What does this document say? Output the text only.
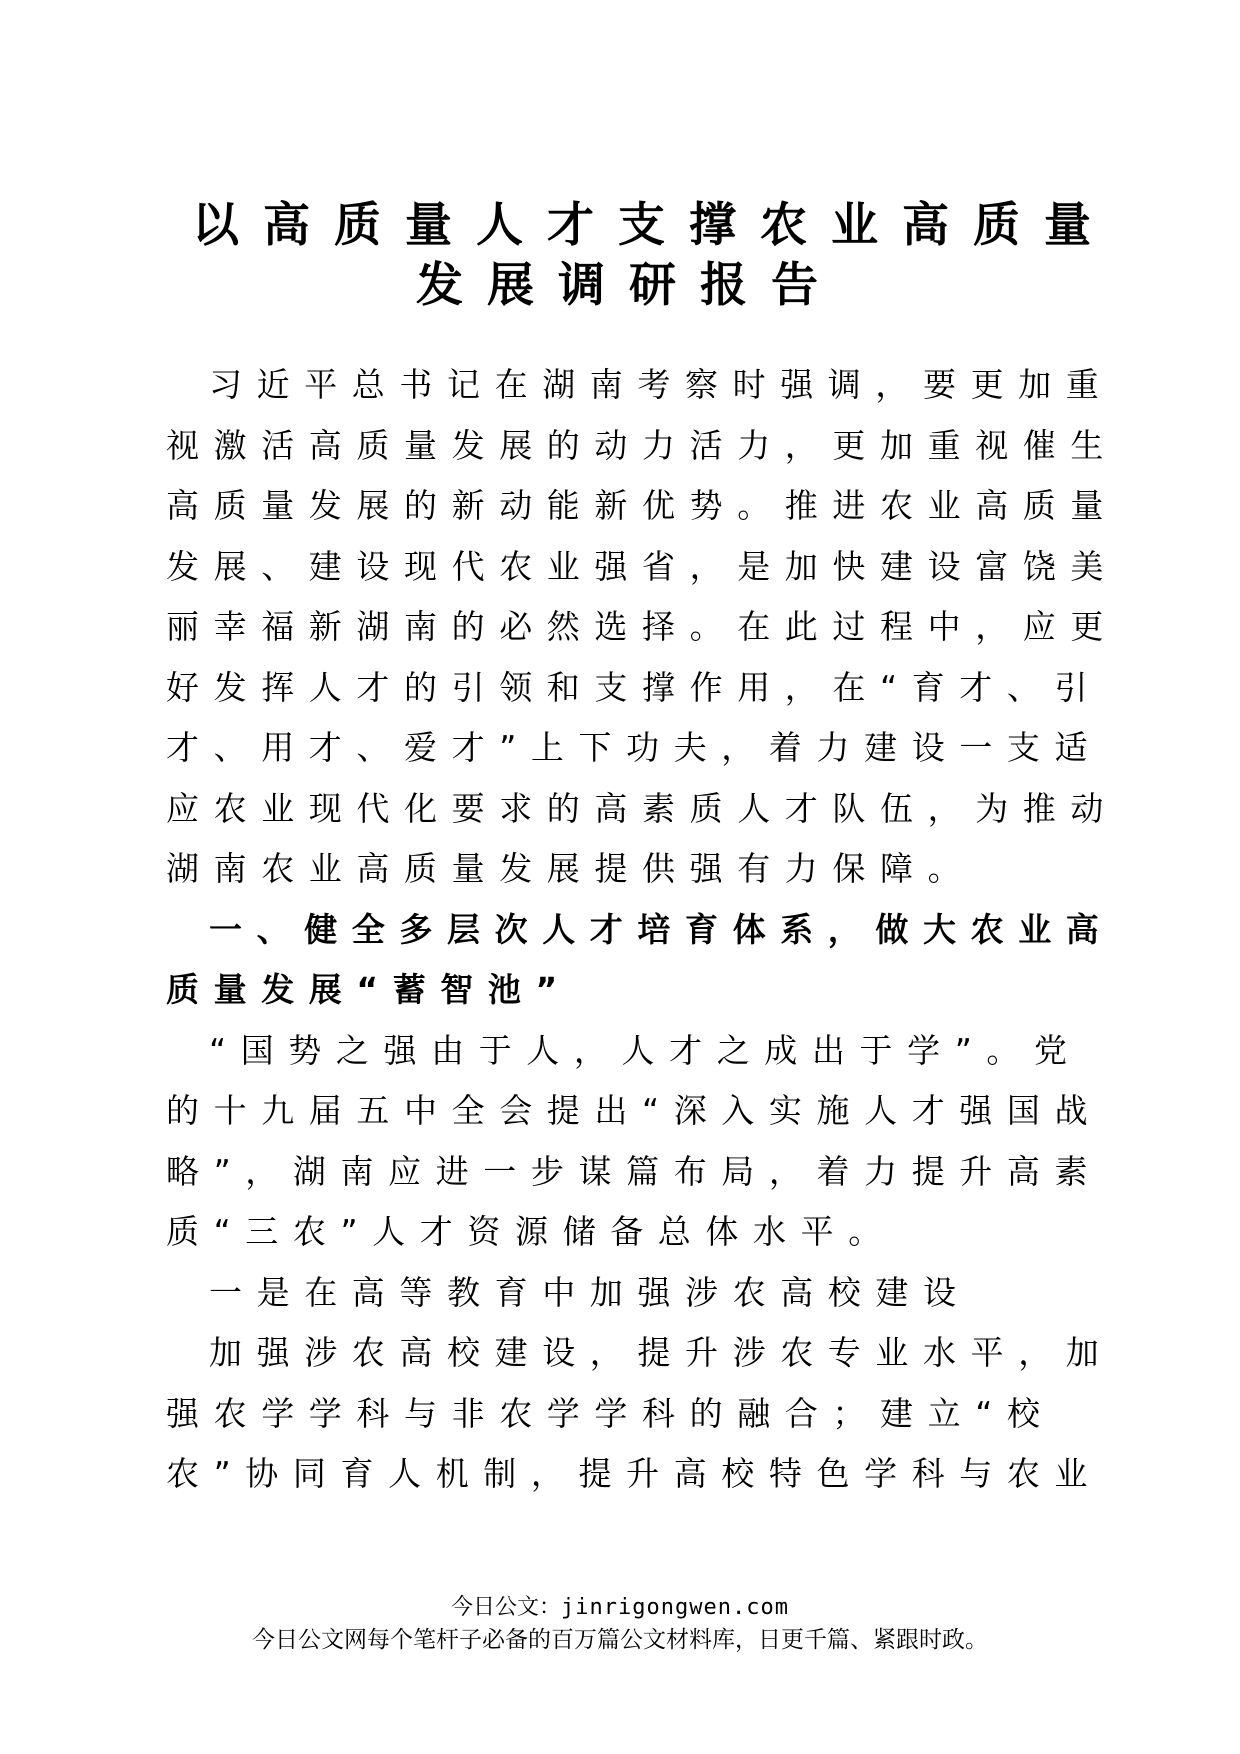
以高质量人才支撑农业高质量
发展调研报告

习近平总书记在湖南考察时强调，要更加重
视激活高质量发展的动力活力，更加重视催生
高质量发展的新动能新优势。推进农业高质量
发展、建设现代农业强省，是加快建设富饶美
丽幸福新湖南的必然选择。在此过程中，应更
好发挥人才的引领和支撑作用，在“育才、引
才、用才、爱才”上下功夫，着力建设一支适
应农业现代化要求的高素质人才队伍，为推动
湖南农业高质量发展提供强有力保障。

一、健全多层次人才培育体系，做大农业高
质量发展“蓄智池”

“国势之强由于人，人才之成出于学”。党
的十九届五中全会提出“深入实施人才强国战
略”，湖南应进一步谋篇布局，着力提升高素
质“三农”人才资源储备总体水平。

一是在高等教育中加强涉农高校建设

加强涉农高校建设，提升涉农专业水平，加
强农学学科与非农学学科的融合；建立“校
农”协同育人机制，提升高校特色学科与农业

今日公文：jinrigongwen.com
今日公文网每个笔杆子必备的百万篇公文材料库，日更千篇、紧跟时政。
